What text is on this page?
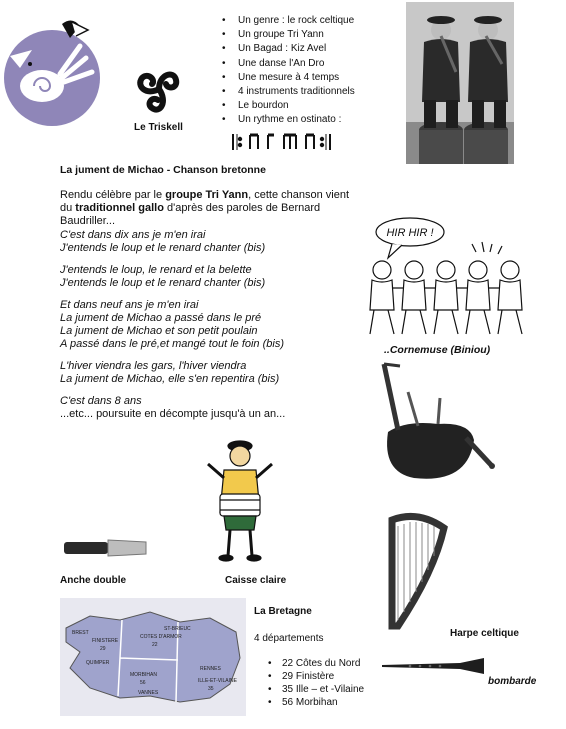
Le Triskell
• Un genre : le rock celtique
• Un groupe Tri Yann
• Un Bagad : Kiz Avel
• Une danse l'An Dro
• Une mesure à 4 temps
• 4 instruments traditionnels
• Le bourdon
• Un rythme en ostinato :
La jument de Michao - Chanson bretonne
Rendu célèbre par le groupe Tri Yann, cette chanson vient du traditionnel gallo d'après des paroles de Bernard Baudriller...
C'est dans dix ans je m'en irai
J'entends le loup et le renard chanter (bis)
J'entends le loup, le renard et la belette
J'entends le loup et le renard chanter (bis)
Et dans neuf ans je m'en irai
La jument de Michao a passé dans le pré
La jument de Michao et son petit poulain
A passé dans le pré,et mangé tout le foin (bis)
L'hiver viendra les gars, l'hiver viendra
La jument de Michao, elle s'en repentira (bis)
C'est dans 8 ans
...etc... poursuite en décompte jusqu'à un an...
HIR HIR !
..Cornemuse (Biniou)
Caisse claire
Anche double
Harpe celtique
bombarde
FINISTERE
29
COTES D'ARMOR
22
ILLE-ET-VILAINE
35
MORBIHAN
56
QUIMPER
VANNES
RENNES
ST-BRIEUC
BREST
La Bretagne
4 départements
• 22 Côtes du Nord
• 29 Finistère
• 35 Ille – et -Vilaine
• 56 Morbihan
